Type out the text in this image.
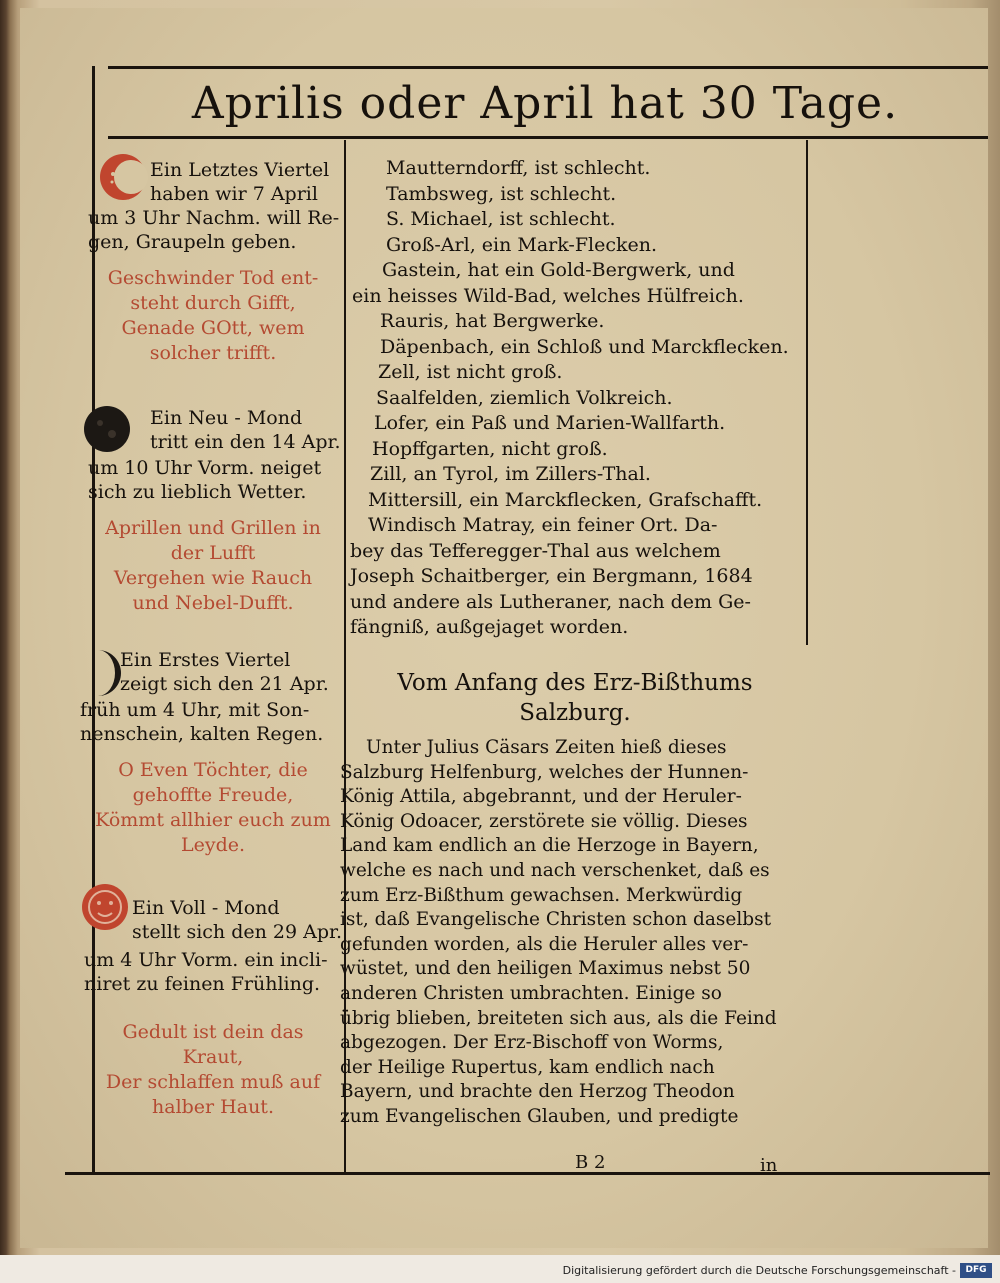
Aprilis oder April hat 30 Tage.
Ein Letztes Viertel
haben wir 7 April
um 3 Uhr Nachm. will Re-
gen, Graupeln geben.
Geschwinder Tod ent-
steht durch Gifft,
Genade GOtt, wem
solcher trifft.
Ein Neu - Mond
tritt ein den 14 Apr.
um 10 Uhr Vorm. neiget
sich zu lieblich Wetter.
Aprillen und Grillen in
der Lufft
Vergehen wie Rauch
und Nebel-Dufft.
Ein Erstes Viertel
zeigt sich den 21 Apr.
früh um 4 Uhr, mit Son-
nenschein, kalten Regen.
O Even Töchter, die
gehoffte Freude,
Kömmt allhier euch zum
Leyde.
Ein Voll - Mond
stellt sich den 29 Apr.
um 4 Uhr Vorm. ein incli-
niret zu feinen Frühling.
Gedult ist dein das
Kraut,
Der schlaffen muß auf
halber Haut.
Mautterndorff, ist schlecht.
Tambsweg, ist schlecht.
S. Michael, ist schlecht.
Groß-Arl, ein Mark-Flecken.
Gastein, hat ein Gold-Bergwerk, und
ein heisses Wild-Bad, welches Hülfreich.
Rauris, hat Bergwerke.
Däpenbach, ein Schloß und Marckflecken.
Zell, ist nicht groß.
Saalfelden, ziemlich Volkreich.
Lofer, ein Paß und Marien-Wallfarth.
Hopffgarten, nicht groß.
Zill, an Tyrol, im Zillers-Thal.
Mittersill, ein Marckflecken, Grafschafft.
Windisch Matray, ein feiner Ort. Da-
bey das Tefferegger-Thal aus welchem
Joseph Schaitberger, ein Bergmann, 1684
und andere als Lutheraner, nach dem Ge-
fängniß, außgejaget worden.
Vom Anfang des Erz-Bißthums
Salzburg.
Unter Julius Cäsars Zeiten hieß dieses
Salzburg Helfenburg, welches der Hunnen-
König Attila, abgebrannt, und der Heruler-
König Odoacer, zerstörete sie völlig. Dieses
Land kam endlich an die Herzoge in Bayern,
welche es nach und nach verschenket, daß es
zum Erz-Bißthum gewachsen. Merkwürdig
ist, daß Evangelische Christen schon daselbst
gefunden worden, als die Heruler alles ver-
wüstet, und den heiligen Maximus nebst 50
anderen Christen umbrachten. Einige so
übrig blieben, breiteten sich aus, als die Feind
abgezogen. Der Erz-Bischoff von Worms,
der Heilige Rupertus, kam endlich nach
Bayern, und brachte den Herzog Theodon
zum Evangelischen Glauben, und predigte
B 2	in
Digitalisierung gefördert durch die Deutsche Forschungsgemeinschaft -	DFG
